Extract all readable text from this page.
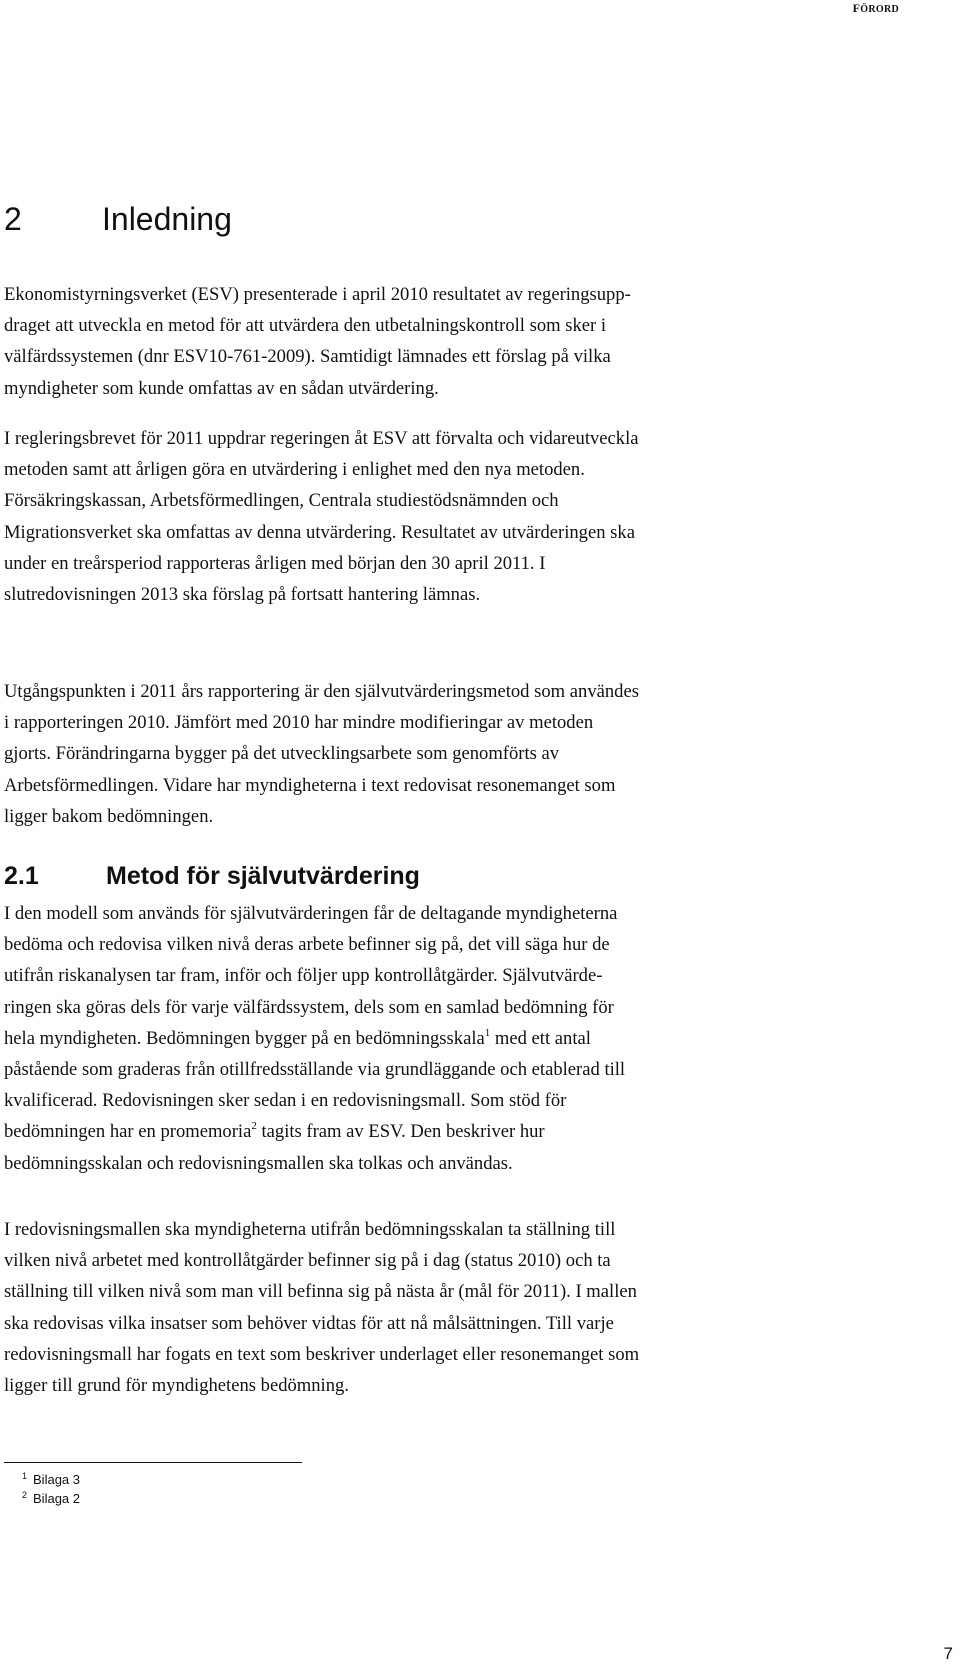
FÖRORD
2	Inledning
Ekonomistyrningsverket (ESV) presenterade i april 2010 resultatet av regeringsupp-
draget att utveckla en metod för att utvärdera den utbetalningskontroll som sker i
välfärdssystemen (dnr ESV10-761-2009). Samtidigt lämnades ett förslag på vilka
myndigheter som kunde omfattas av en sådan utvärdering.
I regleringsbrevet för 2011 uppdrar regeringen åt ESV att förvalta och vidareutveckla
metoden samt att årligen göra en utvärdering i enlighet med den nya metoden.
Försäkringskassan, Arbetsförmedlingen, Centrala studiestödsnämnden och
Migrationsverket ska omfattas av denna utvärdering. Resultatet av utvärderingen ska
under en treårsperiod rapporteras årligen med början den 30 april 2011. I
slutredovisningen 2013 ska förslag på fortsatt hantering lämnas.
Utgångspunkten i 2011 års rapportering är den självutvärderingsmetod som användes
i rapporteringen 2010. Jämfört med 2010 har mindre modifieringar av metoden
gjorts. Förändringarna bygger på det utvecklingsarbete som genomförts av
Arbetsförmedlingen. Vidare har myndigheterna i text redovisat resonemanget som
ligger bakom bedömningen.
2.1	Metod för självutvärdering
I den modell som används för självutvärderingen får de deltagande myndigheterna
bedöma och redovisa vilken nivå deras arbete befinner sig på, det vill säga hur de
utifrån riskanalysen tar fram, inför och följer upp kontrollåtgärder. Självutvärde-
ringen ska göras dels för varje välfärdssystem, dels som en samlad bedömning för
hela myndigheten. Bedömningen bygger på en bedömningsskala$^1$ med ett antal
påstående som graderas från otillfredsställande via grundläggande och etablerad till
kvalificerad. Redovisningen sker sedan i en redovisningsmall. Som stöd för
bedömningen har en promemoria$^2$ tagits fram av ESV. Den beskriver hur
bedömningsskalan och redovisningsmallen ska tolkas och användas.
I redovisningsmallen ska myndigheterna utifrån bedömningsskalan ta ställning till
vilken nivå arbetet med kontrollåtgärder befinner sig på i dag (status 2010) och ta
ställning till vilken nivå som man vill befinna sig på nästa år (mål för 2011). I mallen
ska redovisas vilka insatser som behöver vidtas för att nå målsättningen. Till varje
redovisningsmall har fogats en text som beskriver underlaget eller resonemanget som
ligger till grund för myndighetens bedömning.
$^1$ Bilaga 3
$^2$ Bilaga 2
7
